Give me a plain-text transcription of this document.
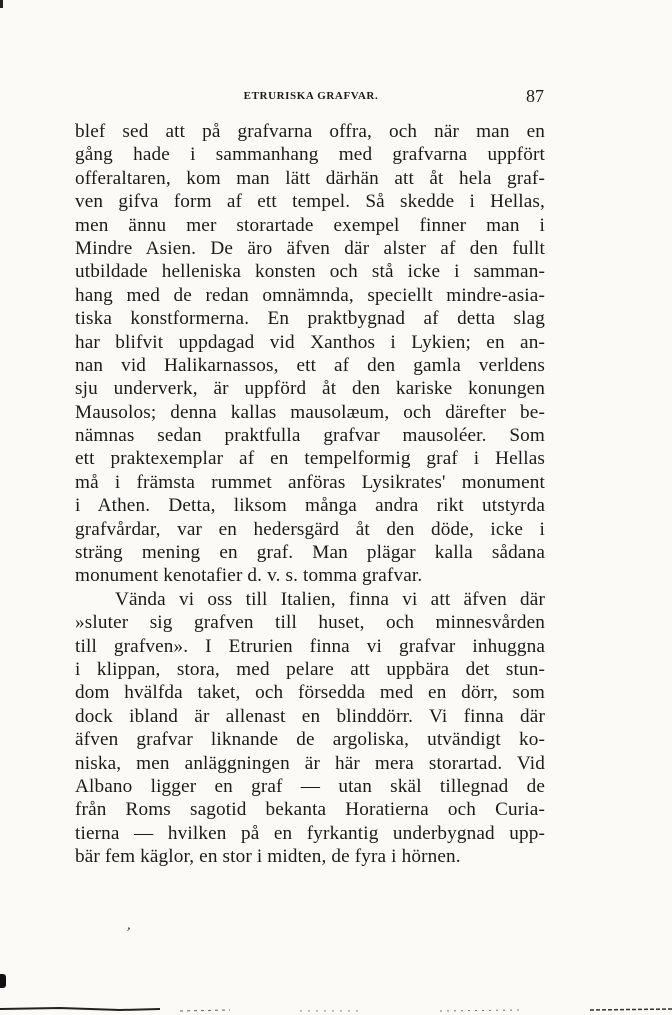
ETRURISKA GRAFVAR.	87
blef sed att på grafvarna offra, och när man en
gång hade i sammanhang med grafvarna uppfört
offeraltaren, kom man lätt därhän att åt hela graf-
ven gifva form af ett tempel. Så skedde i Hellas,
men ännu mer storartade exempel finner man i
Mindre Asien. De äro äfven där alster af den fullt
utbildade helleniska konsten och stå icke i samman-
hang med de redan omnämnda, speciellt mindre-asia-
tiska konstformerna. En praktbygnad af detta slag
har blifvit uppdagad vid Xanthos i Lykien; en an-
nan vid Halikarnassos, ett af den gamla verldens
sju underverk, är uppförd åt den kariske konungen
Mausolos; denna kallas mausolæum, och därefter be-
nämnas sedan praktfulla grafvar mausoléer. Som
ett praktexemplar af en tempelformig graf i Hellas
må i främsta rummet anföras Lysikrates' monument
i Athen. Detta, liksom många andra rikt utstyrda
grafvårdar, var en hedersgärd åt den döde, icke i
sträng mening en graf. Man plägar kalla sådana
monument kenotafier d. v. s. tomma grafvar.
Vända vi oss till Italien, finna vi att äfven där
»sluter sig grafven till huset, och minnesvården
till grafven». I Etrurien finna vi grafvar inhuggna
i klippan, stora, med pelare att uppbära det stun-
dom hvälfda taket, och försedda med en dörr, som
dock ibland är allenast en blinddörr. Vi finna där
äfven grafvar liknande de argoliska, utvändigt ko-
niska, men anläggningen är här mera storartad. Vid
Albano ligger en graf — utan skäl tillegnad de
från Roms sagotid bekanta Horatierna och Curia-
tierna — hvilken på en fyrkantig underbygnad upp-
bär fem käglor, en stor i midten, de fyra i hörnen.
,
